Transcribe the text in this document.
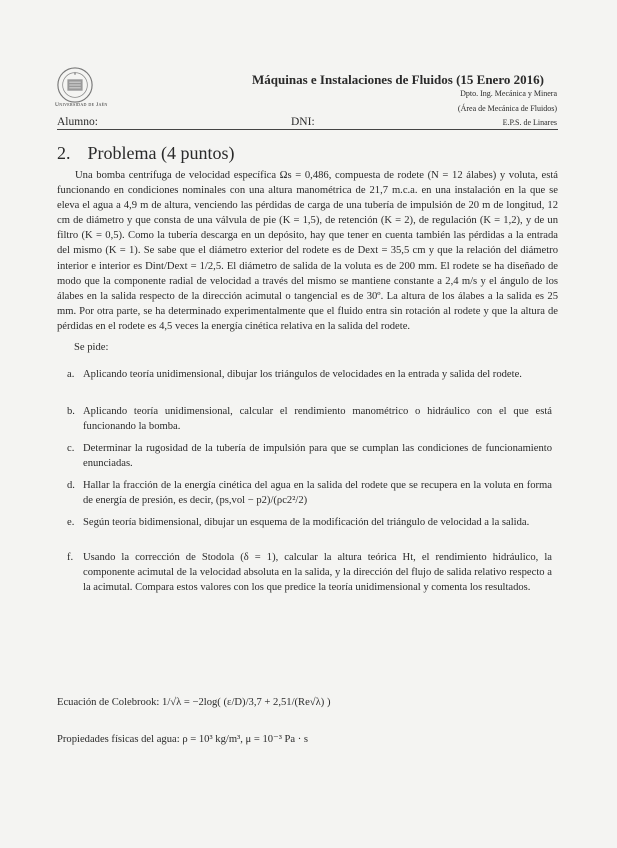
Universidad de Jaén
Máquinas e Instalaciones de Fluidos (15 Enero 2016)
Dpto. Ing. Mecánica y Minera
(Área de Mecánica de Fluidos)
E.P.S. de Linares
Alumno:	DNI:
2. Problema (4 puntos)
Una bomba centrífuga de velocidad específica Ωs = 0,486, compuesta de rodete (N = 12 álabes) y voluta, está funcionando en condiciones nominales con una altura manométrica de 21,7 m.c.a. en una instalación en la que se eleva el agua a 4,9 m de altura, venciendo las pérdidas de carga de una tubería de impulsión de 20 m de longitud, 12 cm de diámetro y que consta de una válvula de pie (K = 1,5), de retención (K = 2), de regulación (K = 1,2), y de un filtro (K = 0,5). Como la tubería descarga en un depósito, hay que tener en cuenta también las pérdidas a la entrada del mismo (K = 1). Se sabe que el diámetro exterior del rodete es de Dext = 35,5 cm y que la relación del diámetro interior e interior es Dint/Dext = 1/2,5. El diámetro de salida de la voluta es de 200 mm. El rodete se ha diseñado de modo que la componente radial de velocidad a través del mismo se mantiene constante a 2,4 m/s y el ángulo de los álabes en la salida respecto de la dirección acimutal o tangencial es de 30º. La altura de los álabes a la salida es 25 mm. Por otra parte, se ha determinado experimentalmente que el fluido entra sin rotación al rodete y que la altura de pérdidas en el rodete es 4,5 veces la energía cinética relativa en la salida del rodete.
Se pide:
a. Aplicando teoría unidimensional, dibujar los triángulos de velocidades en la entrada y salida del rodete.
b. Aplicando teoría unidimensional, calcular el rendimiento manométrico o hidráulico con el que está funcionando la bomba.
c. Determinar la rugosidad de la tubería de impulsión para que se cumplan las condiciones de funcionamiento enunciadas.
d. Hallar la fracción de la energía cinética del agua en la salida del rodete que se recupera en la voluta en forma de energía de presión, es decir, (ps,vol − p2)/(ρc2²/2)
e. Según teoría bidimensional, dibujar un esquema de la modificación del triángulo de velocidad a la salida.
f. Usando la corrección de Stodola (δ = 1), calcular la altura teórica Ht, el rendimiento hidráulico, la componente acimutal de la velocidad absoluta en la salida, y la dirección del flujo de salida relativo respecto a la acimutal. Compara estos valores con los que predice la teoría unidimensional y comenta los resultados.
Ecuación de Colebrook: 1/√λ = −2log( (ε/D)/3,7 + 2,51/(Re√λ) )
Propiedades físicas del agua: ρ = 10³ kg/m³, μ = 10⁻³ Pa · s
